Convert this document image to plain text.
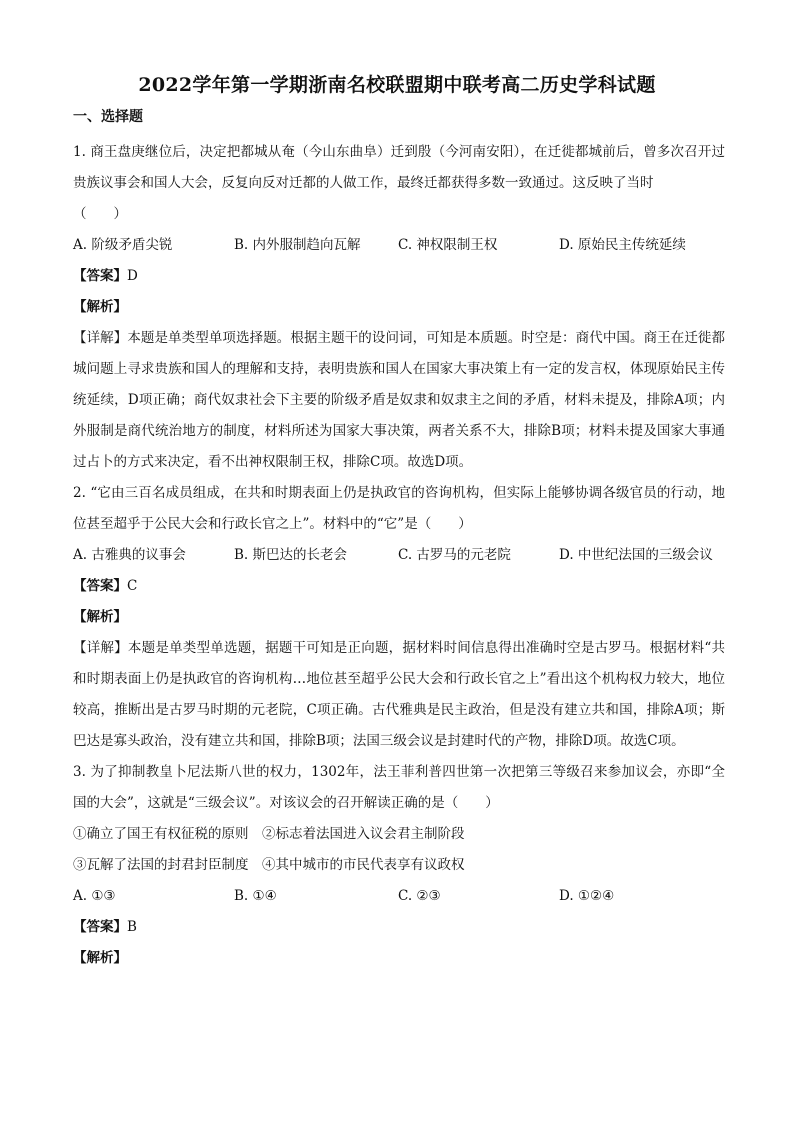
2022学年第一学期浙南名校联盟期中联考高二历史学科试题
一、选择题

1. 商王盘庚继位后，决定把都城从奄（今山东曲阜）迁到殷（今河南安阳），在迁徙都城前后，曾多次召开过贵族议事会和国人大会，反复向反对迁都的人做工作，最终迁都获得多数一致通过。这反映了当时

（　　）

A. 阶级矛盾尖锐	B. 内外服制趋向瓦解	C. 神权限制王权	D. 原始民主传统延续

【答案】D

【解析】

【详解】本题是单类型单项选择题。根据主题干的设问词，可知是本质题。时空是：商代中国。商王在迁徙都城问题上寻求贵族和国人的理解和支持，表明贵族和国人在国家大事决策上有一定的发言权，体现原始民主传统延续，D项正确；商代奴隶社会下主要的阶级矛盾是奴隶和奴隶主之间的矛盾，材料未提及，排除A项；内外服制是商代统治地方的制度，材料所述为国家大事决策，两者关系不大，排除B项；材料未提及国家大事通过占卜的方式来决定，看不出神权限制王权，排除C项。故选D项。

2. “它由三百名成员组成，在共和时期表面上仍是执政官的咨询机构，但实际上能够协调各级官员的行动，地位甚至超乎于公民大会和行政长官之上”。材料中的“它”是（　　）

A. 古雅典的议事会	B. 斯巴达的长老会	C. 古罗马的元老院	D. 中世纪法国的三级会议

【答案】C

【解析】

【详解】本题是单类型单选题，据题干可知是正向题，据材料时间信息得出准确时空是古罗马。根据材料“共和时期表面上仍是执政官的咨询机构…地位甚至超乎公民大会和行政长官之上”看出这个机构权力较大，地位较高，推断出是古罗马时期的元老院，C项正确。古代雅典是民主政治，但是没有建立共和国，排除A项；斯巴达是寡头政治，没有建立共和国，排除B项；法国三级会议是封建时代的产物，排除D项。故选C项。

3. 为了抑制教皇卜尼法斯八世的权力，1302年，法王菲利普四世第一次把第三等级召来参加议会，亦即“全国的大会”，这就是“三级会议”。对该议会的召开解读正确的是（　　）

①确立了国王有权征税的原则　②标志着法国进入议会君主制阶段

③瓦解了法国的封君封臣制度　④其中城市的市民代表享有议政权

A. ①③	B. ①④	C. ②③	D. ①②④

【答案】B

【解析】
